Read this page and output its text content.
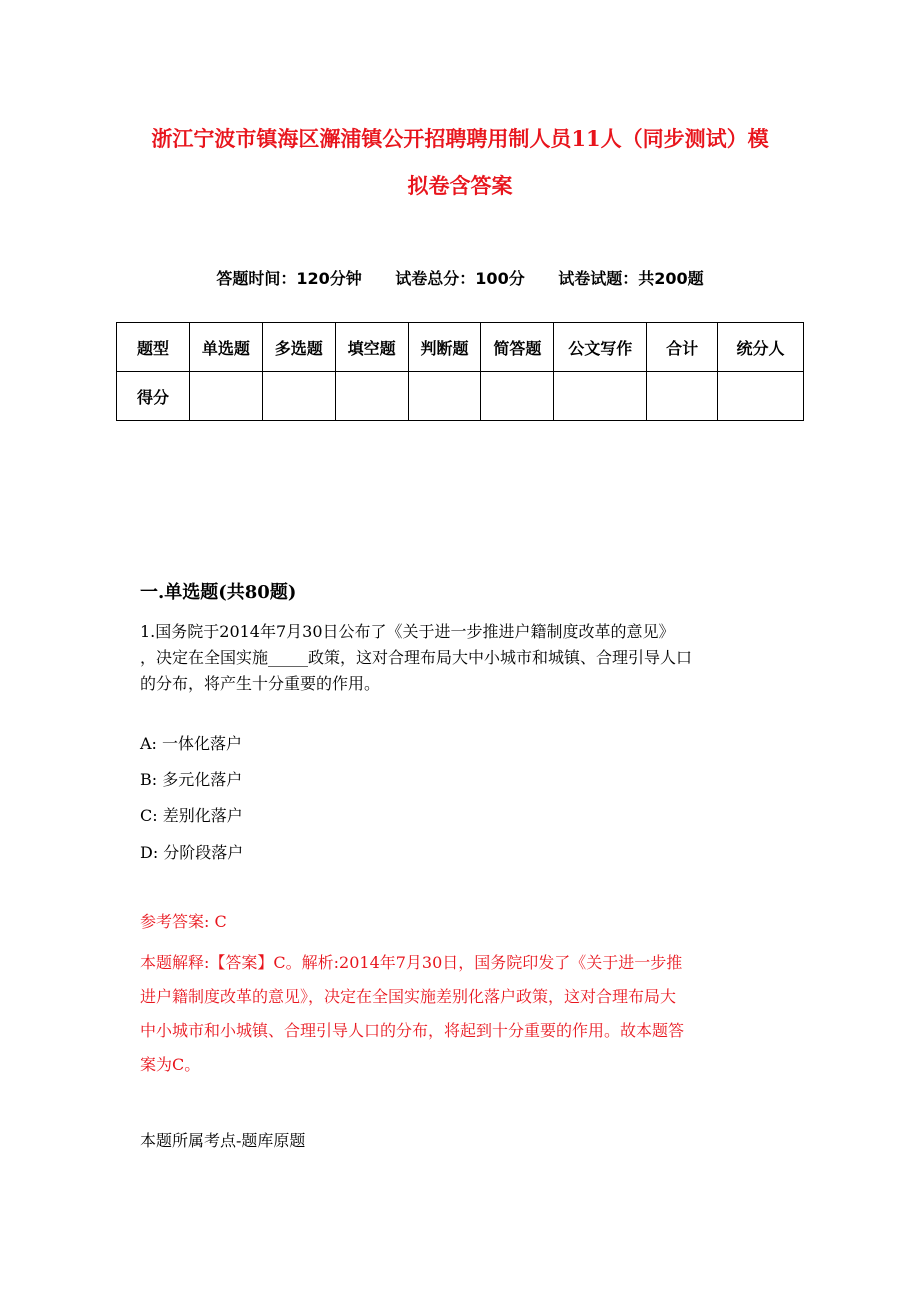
浙江宁波市镇海区澥浦镇公开招聘聘用制人员11人（同步测试）模
拟卷含答案
答题时间：120分钟 试卷总分：100分 试卷试题：共200题
题型	单选题	多选题	填空题	判断题	简答题	公文写作	合计	统分人
得分								
一.单选题(共80题)
1.国务院于2014年7月30日公布了《关于进一步推进户籍制度改革的意见》
，决定在全国实施_____政策，这对合理布局大中小城市和城镇、合理引导人口
的分布，将产生十分重要的作用。
A: 一体化落户
B: 多元化落户
C: 差别化落户
D: 分阶段落户
参考答案: C
本题解释:【答案】C。解析:2014年7月30日，国务院印发了《关于进一步推
进户籍制度改革的意见》，决定在全国实施差别化落户政策，这对合理布局大
中小城市和小城镇、合理引导人口的分布，将起到十分重要的作用。故本题答
案为C。
本题所属考点-题库原题
